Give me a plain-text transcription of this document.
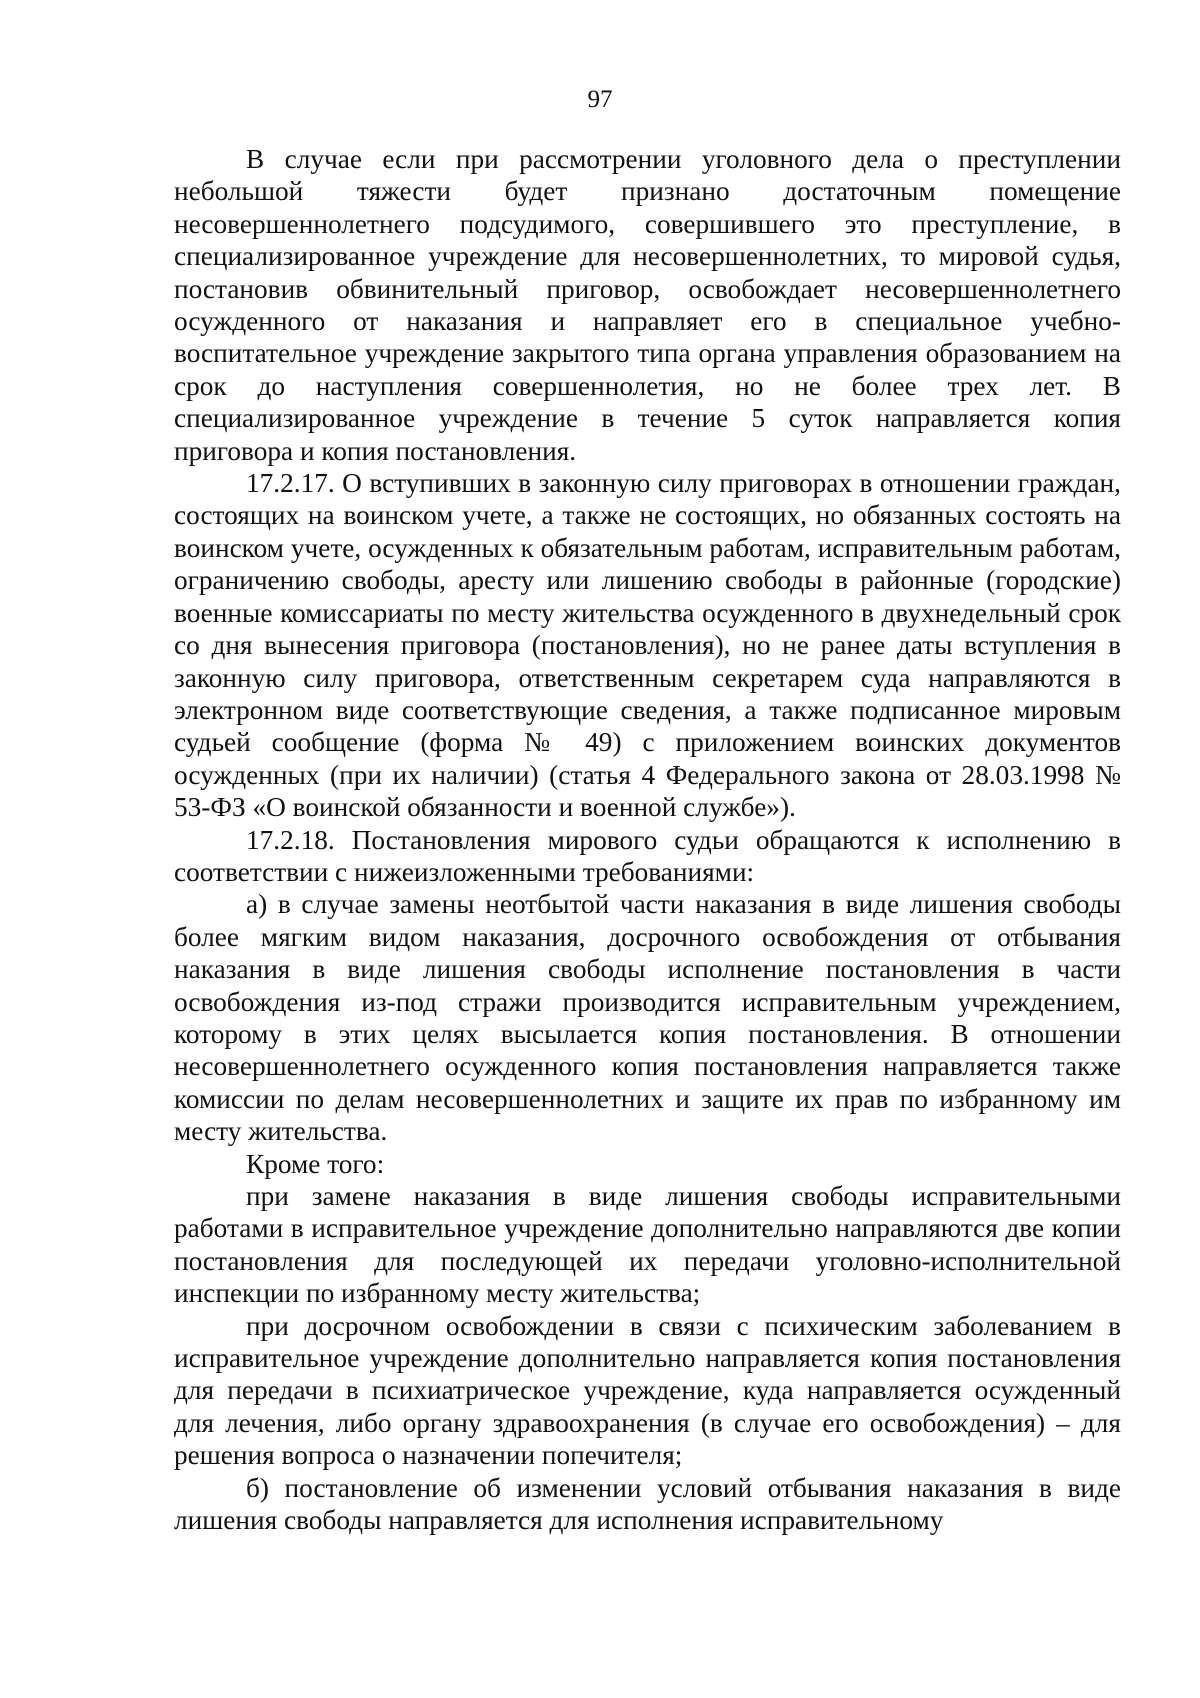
97

В случае если при рассмотрении уголовного дела о преступлении небольшой тяжести будет признано достаточным помещение несовершеннолетнего подсудимого, совершившего это преступление, в специализированное учреждение для несовершеннолетних, то мировой судья, постановив обвинительный приговор, освобождает несовершеннолетнего осужденного от наказания и направляет его в специальное учебно-воспитательное учреждение закрытого типа органа управления образованием на срок до наступления совершеннолетия, но не более трех лет. В специализированное учреждение в течение 5 суток направляется копия приговора и копия постановления.

17.2.17. О вступивших в законную силу приговорах в отношении граждан, состоящих на воинском учете, а также не состоящих, но обязанных состоять на воинском учете, осужденных к обязательным работам, исправительным работам, ограничению свободы, аресту или лишению свободы в районные (городские) военные комиссариаты по месту жительства осужденного в двухнедельный срок со дня вынесения приговора (постановления), но не ранее даты вступления в законную силу приговора, ответственным секретарем суда направляются в электронном виде соответствующие сведения, а также подписанное мировым судьей сообщение (форма № 49) с приложением воинских документов осужденных (при их наличии) (статья 4 Федерального закона от 28.03.1998 № 53-ФЗ «О воинской обязанности и военной службе»).

17.2.18. Постановления мирового судьи обращаются к исполнению в соответствии с нижеизложенными требованиями:

а) в случае замены неотбытой части наказания в виде лишения свободы более мягким видом наказания, досрочного освобождения от отбывания наказания в виде лишения свободы исполнение постановления в части освобождения из-под стражи производится исправительным учреждением, которому в этих целях высылается копия постановления. В отношении несовершеннолетнего осужденного копия постановления направляется также комиссии по делам несовершеннолетних и защите их прав по избранному им месту жительства.

Кроме того:

при замене наказания в виде лишения свободы исправительными работами в исправительное учреждение дополнительно направляются две копии постановления для последующей их передачи уголовно-исполнительной инспекции по избранному месту жительства;

при досрочном освобождении в связи с психическим заболеванием в исправительное учреждение дополнительно направляется копия постановления для передачи в психиатрическое учреждение, куда направляется осужденный для лечения, либо органу здравоохранения (в случае его освобождения) – для решения вопроса о назначении попечителя;

б) постановление об изменении условий отбывания наказания в виде лишения свободы направляется для исполнения исправительному
